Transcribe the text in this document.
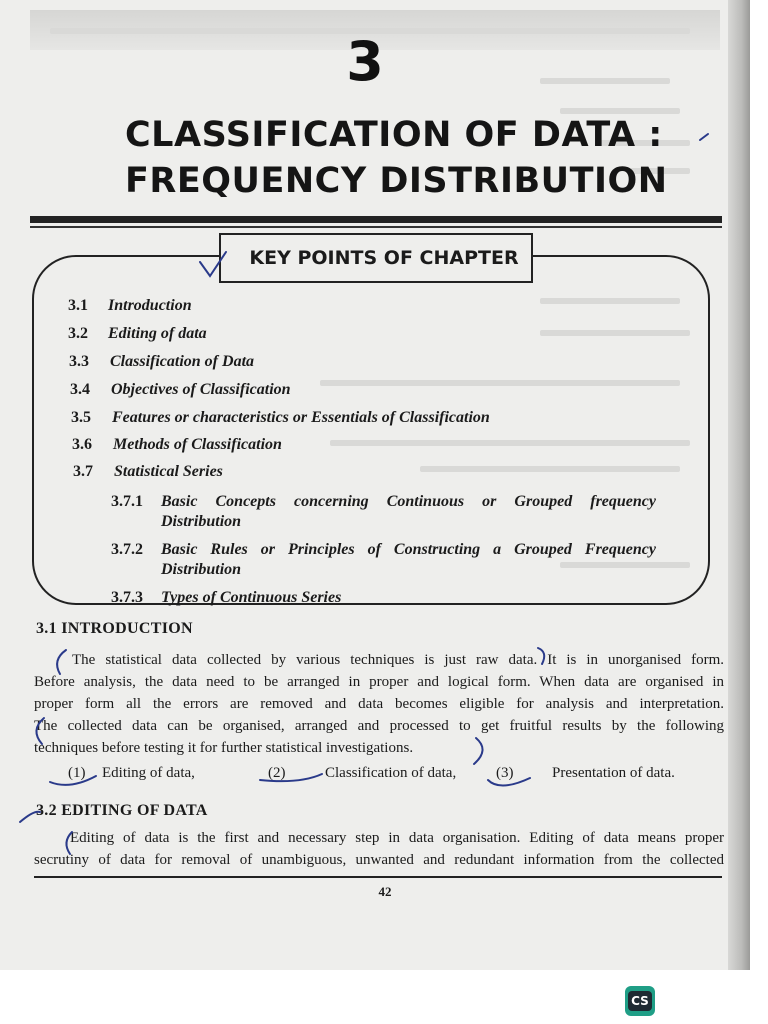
3
CLASSIFICATION OF DATA :
FREQUENCY DISTRIBUTION
KEY POINTS OF CHAPTER
3.1 Introduction
3.2 Editing of data
3.3 Classification of Data
3.4 Objectives of Classification
3.5 Features or characteristics or Essentials of Classification
3.6 Methods of Classification
3.7 Statistical Series
3.7.1 Basic Concepts concerning Continuous or Grouped frequency
Distribution
3.7.2 Basic Rules or Principles of Constructing a Grouped Frequency
Distribution
3.7.3 Types of Continuous Series
3.1 INTRODUCTION
The statistical data collected by various techniques is just raw data. It is in unorganised form.
Before analysis, the data need to be arranged in proper and logical form. When data are organised in
proper form all the errors are removed and data becomes eligible for analysis and interpretation.
The collected data can be organised, arranged and processed to get fruitful results by the following
techniques before testing it for further statistical investigations.
(1) Editing of data,	(2)	Classification of data,	(3)	Presentation of data.
3.2 EDITING OF DATA
Editing of data is the first and necessary step in data organisation. Editing of data means proper
secrutiny of data for removal of unambiguous, unwanted and redundant information from the collected
42
CS
